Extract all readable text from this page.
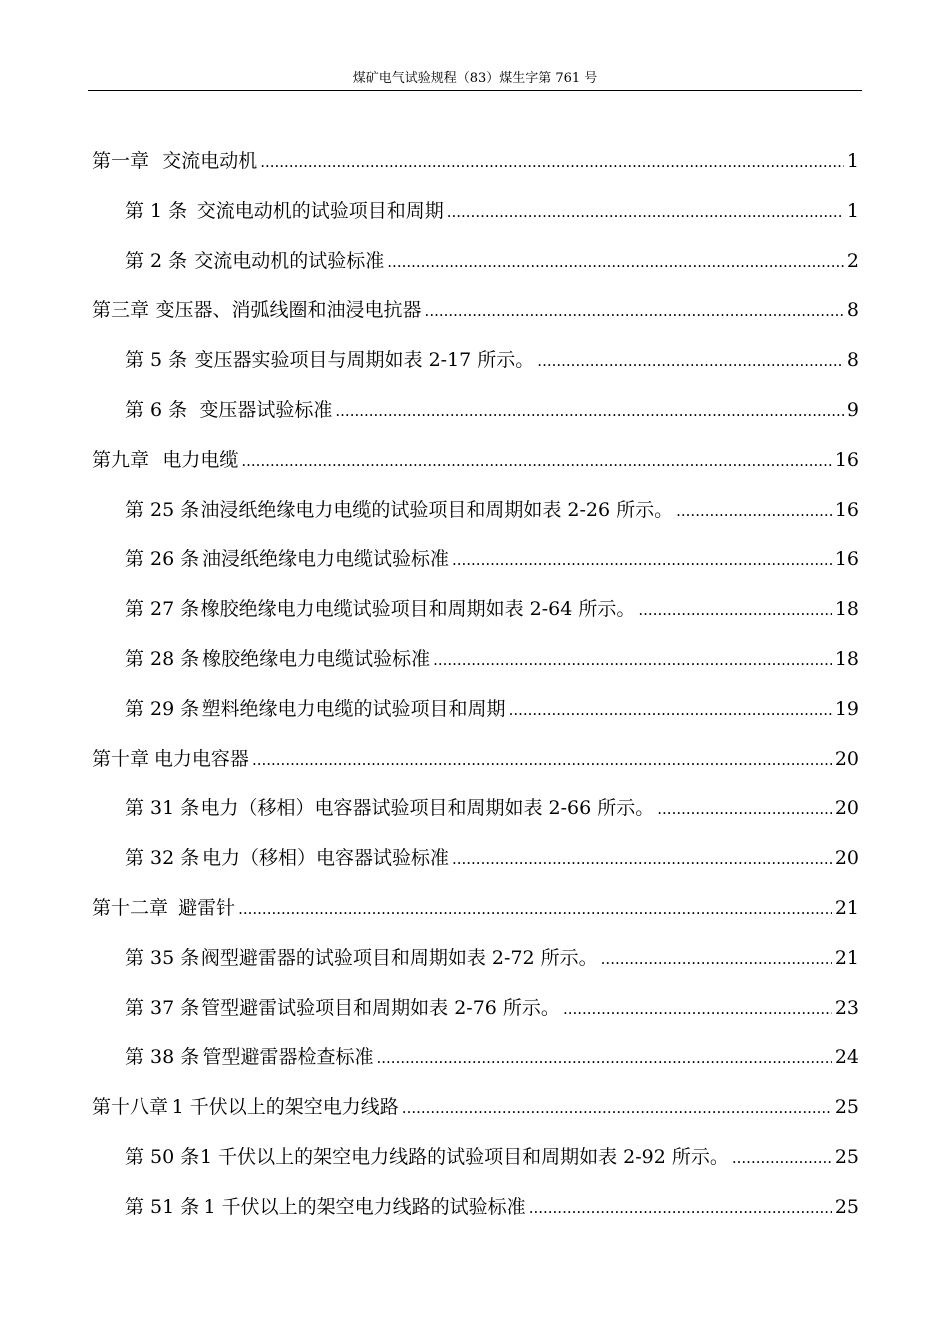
煤矿电气试验规程（83）煤生字第 761 号
第一章 交流电动机 .....	1
第 1 条 交流电动机的试验项目和周期 .....	1
第 2 条 交流电动机的试验标准 .....	2
第三章 变压器、消弧线圈和油浸电抗器 .....	8
第 5 条 变压器实验项目与周期如表 2-17 所示。 .....	8
第 6 条 变压器试验标准 .....	9
第九章 电力电缆 .....	16
第 25 条 油浸纸绝缘电力电缆的试验项目和周期如表 2-26 所示。 .....	16
第 26 条 油浸纸绝缘电力电缆试验标准 .....	16
第 27 条 橡胶绝缘电力电缆试验项目和周期如表 2-64 所示。 .....	18
第 28 条 橡胶绝缘电力电缆试验标准 .....	18
第 29 条 塑料绝缘电力电缆的试验项目和周期 .....	19
第十章 电力电容器 .....	20
第 31 条 电力（移相）电容器试验项目和周期如表 2-66 所示。 .....	20
第 32 条 电力（移相）电容器试验标准 .....	20
第十二章 避雷针 .....	21
第 35 条 阀型避雷器的试验项目和周期如表 2-72 所示。 .....	21
第 37 条 管型避雷试验项目和周期如表 2-76 所示。 .....	23
第 38 条 管型避雷器检查标准 .....	24
第十八章 1 千伏以上的架空电力线路 .....	25
第 50 条 1 千伏以上的架空电力线路的试验项目和周期如表 2-92 所示。 .....	25
第 51 条 1 千伏以上的架空电力线路的试验标准 .....	25
